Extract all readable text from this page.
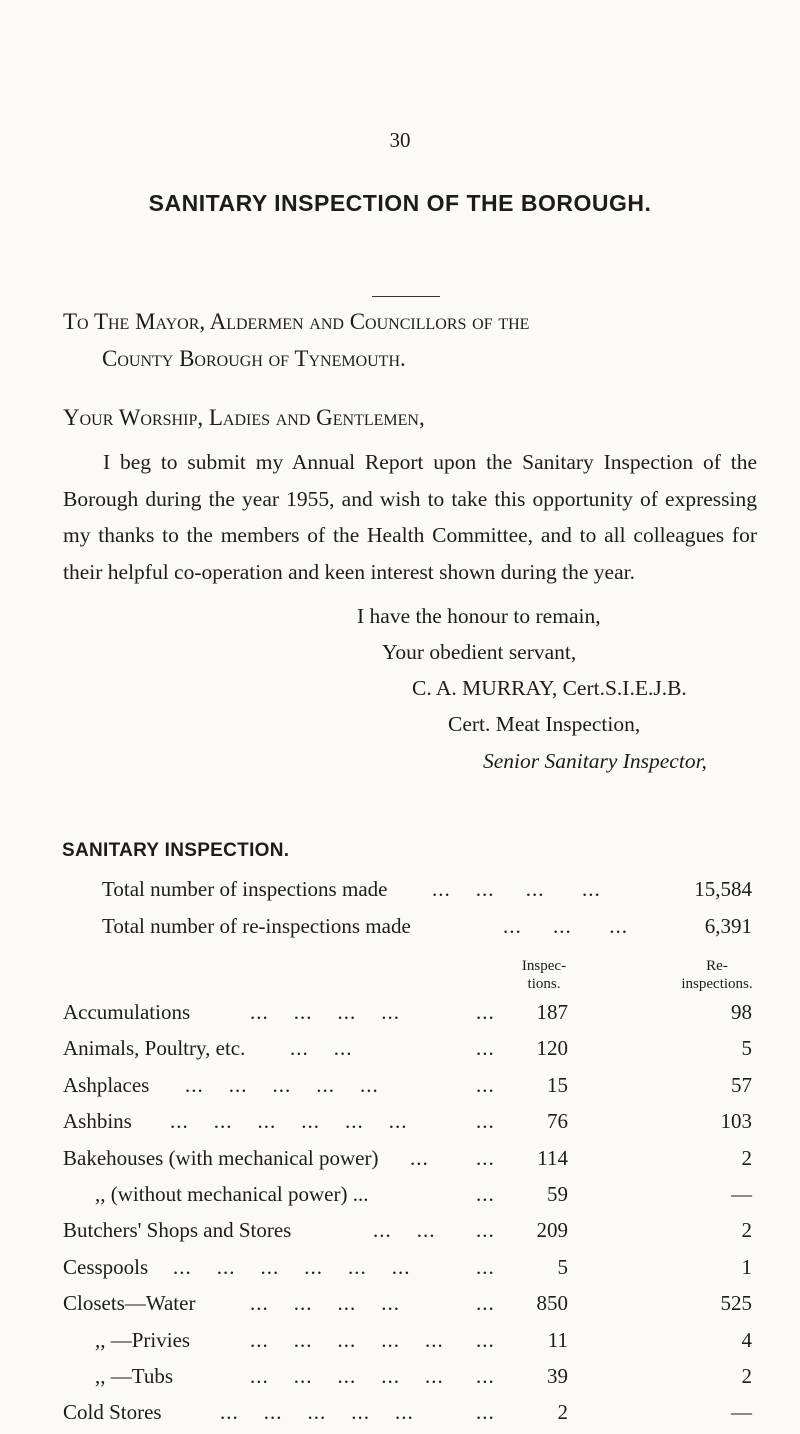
30
SANITARY INSPECTION OF THE BOROUGH.
To The Mayor, Aldermen and Councillors of the
County Borough of Tynemouth.
Your Worship, Ladies and Gentlemen,
I beg to submit my Annual Report upon the Sanitary Inspection of the Borough during the year 1955, and wish to take this opportunity of expressing my thanks to the members of the Health Committee, and to all colleagues for their helpful co-operation and keen interest shown during the year.
I have the honour to remain,
Your obedient servant,
C. A. MURRAY, Cert.S.I.E.J.B.
Cert. Meat Inspection,
Senior Sanitary Inspector,
SANITARY INSPECTION.
Total number of inspections made ...    ...     ...      ...	15,584
Total number of re-inspections made	...     ...      ...	6,391
Inspec-
tions.
Re-
inspections.
Accumulations	...    ...    ...    ...	...	187	98
Animals, Poultry, etc. ...    ...	...	120	5
Ashplaces ...    ...    ...    ...    ...	...	15	57
Ashbins ...    ...    ...    ...    ...    ...	...	76	103
Bakehouses (with mechanical power) ... ...	114	2
,, (without mechanical power) ...	...	59	—
Butchers' Shops and Stores	...    ... ...	209	2
Cesspools ...    ...    ...    ...    ...    ...	...	5	1
Closets—Water	...    ...    ...    ...	...	850	525
,, —Privies	...    ...    ...    ...    ... ...	11	4
,, —Tubs	...    ...    ...    ...    ... ...	39	2
Cold Stores	...    ...    ...    ...    ...	...	2	—
